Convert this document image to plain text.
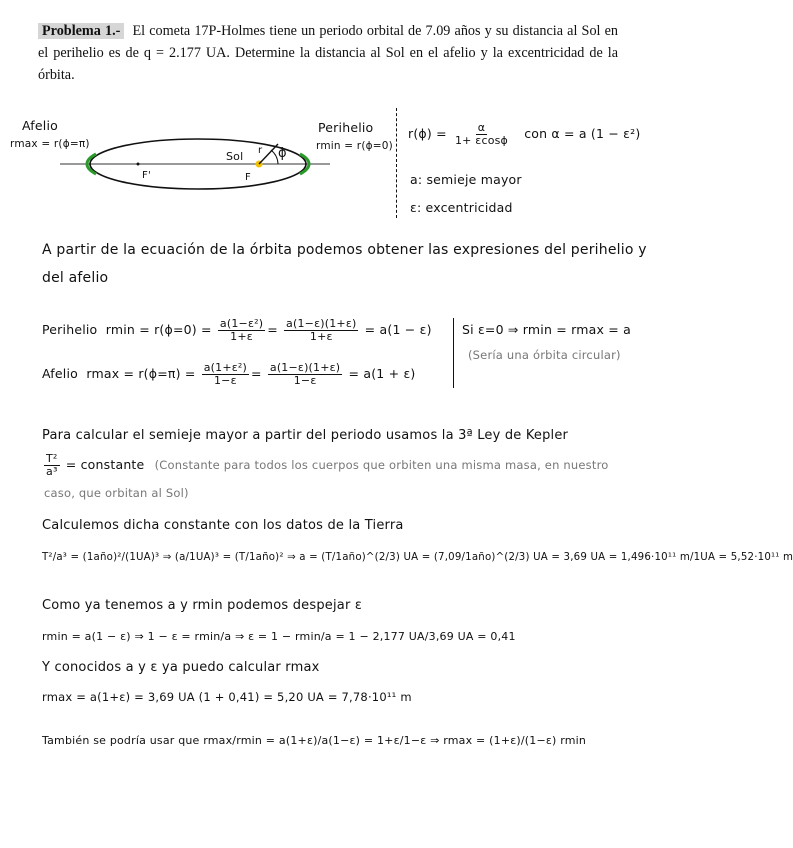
Problema 1.- El cometa 17P-Holmes tiene un periodo orbital de 7.09 años y su distancia al Sol en el perihelio es de q = 2.177 UA. Determine la distancia al Sol en el afelio y la excentricidad de la órbita.
Afelio
rmax = r(ϕ=π)
Perihelio
rmin = r(ϕ=0)
Sol
F'	F
r ϕ
$r(\phi) = \frac{\alpha}{1+ \varepsilon\cos\phi}$ con α = a (1 − ε²)
a: semieje mayor
ε: excentricidad
A partir de la ecuación de la órbita podemos obtener las expresiones del perihelio y
del afelio
Perihelio $rmin = r(\phi=0) = \frac{\text{a(1−ε²)}}{1+\varepsilon} = \frac{a(1-\varepsilon)(1+\varepsilon)}{1+\varepsilon} = a(1 - \varepsilon)$
Afelio $rmax = r(\phi=\pi) = \frac{\text{a(1+ε²)}}{1-\varepsilon} = \frac{a(1-\varepsilon)(1+\varepsilon)}{1-\varepsilon} = a(1 + \varepsilon)$
Si ε=0 ⇒ rmin = rmax = a
(Sería una órbita circular)
Para calcular el semieje mayor a partir del periodo usamos la 3ª Ley de Kepler
$\frac{\text{T²}}{\text{a³}}$ = constante (Constante para todos los cuerpos que orbiten una misma masa, en nuestro
caso, que orbitan al Sol)
Calculemos dicha constante con los datos de la Tierra
T²/a³ = (1año)²/(1UA)³ ⇒ (a/1UA)³ = (T/1año)² ⇒ a = (T/1año)^(2/3) UA = (7,09/1año)^(2/3) UA = 3,69 UA = 1,496·10¹¹ m/1UA = 5,52·10¹¹ m
Como ya tenemos a y rmin podemos despejar ε
rmin = a(1 − ε) ⇒ 1 − ε = rmin/a ⇒ ε = 1 − rmin/a = 1 − 2,177 UA/3,69 UA = 0,41
Y conocidos a y ε ya puedo calcular rmax
rmax = a(1+ε) = 3,69 UA (1 + 0,41) = 5,20 UA = 7,78·10¹¹ m
También se podría usar que rmax/rmin = a(1+ε)/a(1−ε) = 1+ε/1−ε ⇒ rmax = (1+ε)/(1−ε) rmin
